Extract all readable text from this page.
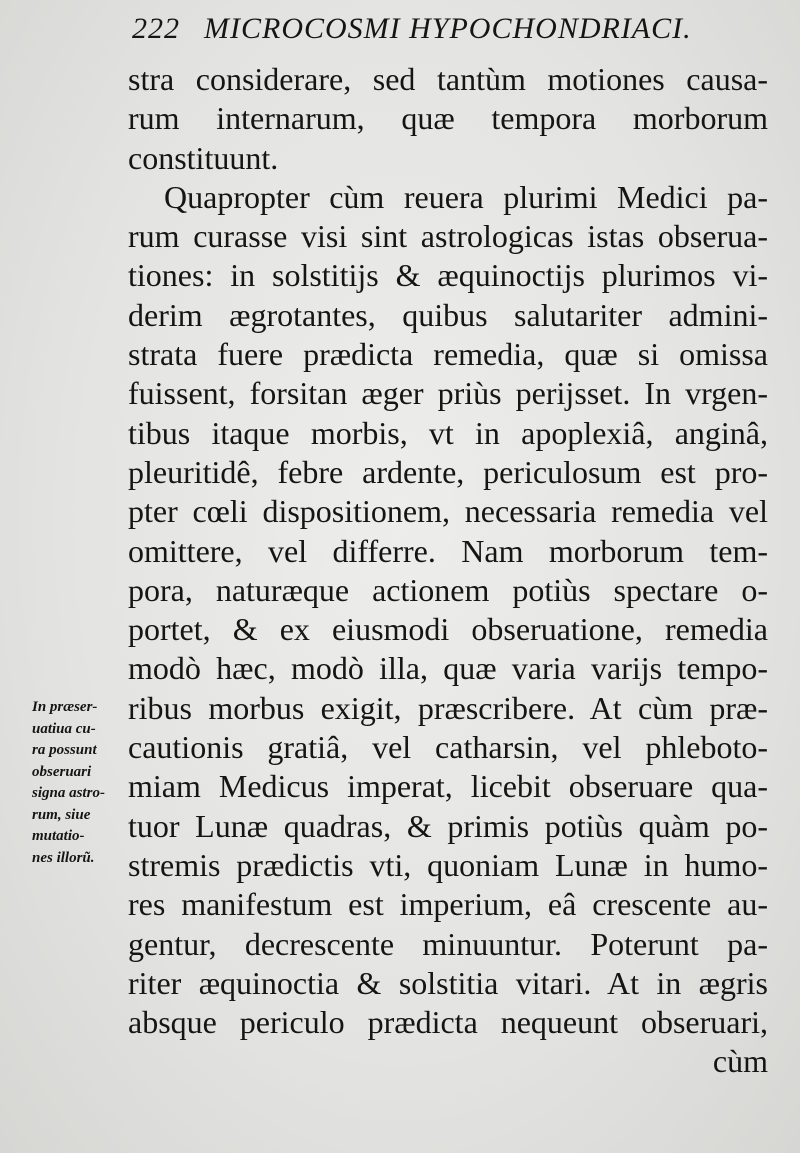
222 MICROCOSMI HYPOCHONDRIACI.
stra considerare, sed tantùm motiones causa-
rum internarum, quæ tempora morborum
constituunt.
Quapropter cùm reuera plurimi Medici pa-
rum curasse visi sint astrologicas istas obserua-
tiones: in solstitijs & æquinoctijs plurimos vi-
derim ægrotantes, quibus salutariter admini-
strata fuere prædicta remedia, quæ si omissa
fuissent, forsitan æger priùs perijsset. In vrgen-
tibus itaque morbis, vt in apoplexiâ, anginâ,
pleuritidê, febre ardente, periculosum est pro-
pter cœli dispositionem, necessaria remedia vel
omittere, vel differre. Nam morborum tem-
pora, naturæque actionem potiùs spectare o-
portet, & ex eiusmodi obseruatione, remedia
modò hæc, modò illa, quæ varia varijs tempo-
ribus morbus exigit, præscribere. At cùm præ-
cautionis gratiâ, vel catharsin, vel phleboto-
miam Medicus imperat, licebit obseruare qua-
tuor Lunæ quadras, & primis potiùs quàm po-
stremis prædictis vti, quoniam Lunæ in humo-
res manifestum est imperium, eâ crescente au-
gentur, decrescente minuuntur. Poterunt pa-
riter æquinoctia & solstitia vitari. At in ægris
absque periculo prædicta nequeunt obseruari,
cùm
In præser-
uatiua cu-
ra possunt
obseruari
signa astro-
rum, siue
mutatio-
nes illorũ.
